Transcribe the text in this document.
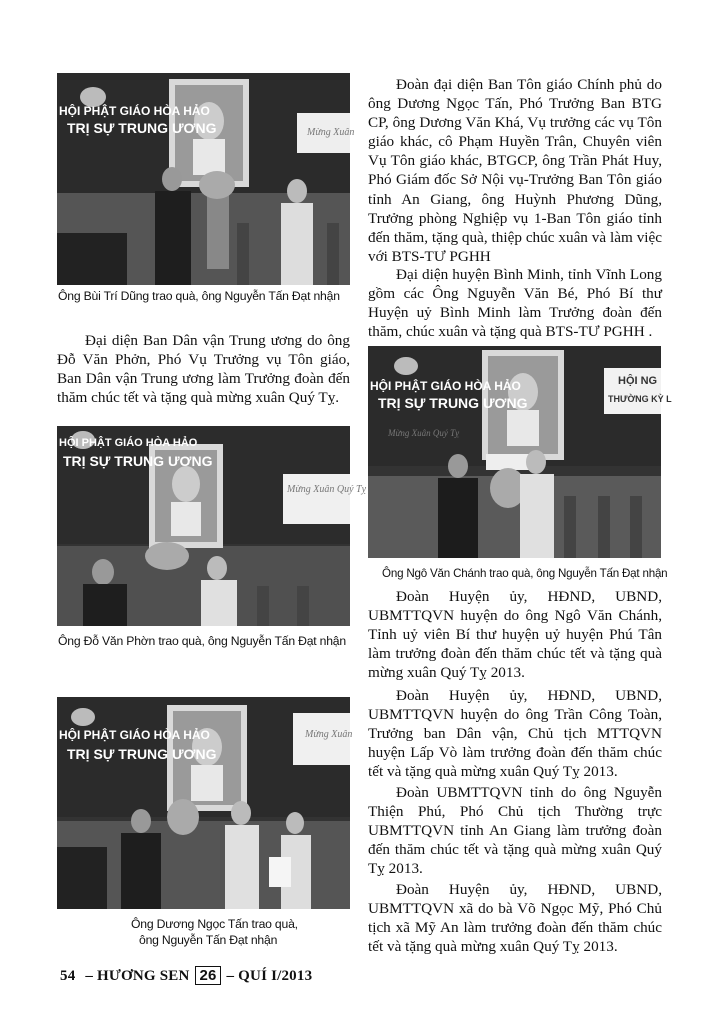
HỘI PHẬT GIÁO HÒA HẢO
TRỊ SỰ TRUNG ƯƠNG	Mừng Xuân
Ông Bùi Trí Dũng trao quà, ông Nguyễn Tấn Đạt nhận
HỘI PHẬT GIÁO HÒA HẢO
TRỊ SỰ TRUNG ƯƠNG
HỘI NG
THƯỜNG KỲ L
Mừng Xuân Quý Tỵ
Ông Ngô Văn Chánh trao quà, ông Nguyễn Tấn Đạt nhận
HỘI PHẬT GIÁO HÒA HẢO
TRỊ SỰ TRUNG ƯƠNG
Mừng Xuân Quý Tỵ
Ông Đỗ Văn Phờn trao quà, ông Nguyễn Tấn Đạt nhận
HỘI PHẬT GIÁO HÒA HẢO
TRỊ SỰ TRUNG ƯƠNG
Mừng Xuân
Ông Dương Ngọc Tấn trao quà,
ông Nguyễn Tấn Đạt nhận

Đoàn đại diện Ban Tôn giáo Chính phủ do ông Dương Ngọc Tấn, Phó Trưởng Ban BTG CP, ông Dương Văn Khá, Vụ trưởng các vụ Tôn giáo khác, cô Phạm Huyền Trân, Chuyên viên Vụ Tôn giáo khác, BTGCP, ông Trần Phát Huy, Phó Giám đốc Sở Nội vụ-Trưởng Ban Tôn giáo tỉnh An Giang, ông Huỳnh Phương Dũng, Trưởng phòng Nghiệp vụ 1-Ban Tôn giáo tỉnh đến thăm, tặng quà, thiệp chúc xuân và làm việc với BTS-TƯ PGHH

Đại diện huyện Bình Minh, tỉnh Vĩnh Long gồm các Ông Nguyễn Văn Bé, Phó Bí thư Huyện uỷ Bình Minh làm Trưởng đoàn đến thăm, chúc xuân và tặng quà BTS-TƯ PGHH .

Đại diện Ban Dân vận Trung ương do ông Đỗ Văn Phởn, Phó Vụ Trưởng vụ Tôn giáo, Ban Dân vận Trung ương làm Trưởng đoàn đến thăm chúc tết và tặng quà mừng xuân Quý Tỵ.

Đoàn Huyện ủy, HĐND, UBND, UBMTTQVN huyện do ông Ngô Văn Chánh, Tỉnh uỷ viên Bí thư huyện uỷ huyện Phú Tân làm trưởng đoàn đến thăm chúc tết và tặng quà mừng xuân Quý Tỵ 2013.

Đoàn Huyện ủy, HĐND, UBND, UBMTTQVN huyện do ông Trần Công Toàn, Trưởng ban Dân vận, Chủ tịch MTTQVN huyện Lấp Vò làm trưởng đoàn đến thăm chúc tết và tặng quà mừng xuân Quý Tỵ 2013.

Đoàn UBMTTQVN tỉnh do ông Nguyễn Thiện Phú, Phó Chủ tịch Thường trực UBMTTQVN tỉnh An Giang làm trưởng đoàn đến thăm chúc tết và tặng quà mừng xuân Quý Tỵ 2013.

Đoàn Huyện ủy, HĐND, UBND, UBMTTQVN xã do bà Võ Ngọc Mỹ, Phó Chủ tịch xã Mỹ An làm trưởng đoàn đến thăm chúc tết và tặng quà mừng xuân Quý Tỵ 2013.

54 – HƯƠNG SEN 26 – QUÍ I/2013
